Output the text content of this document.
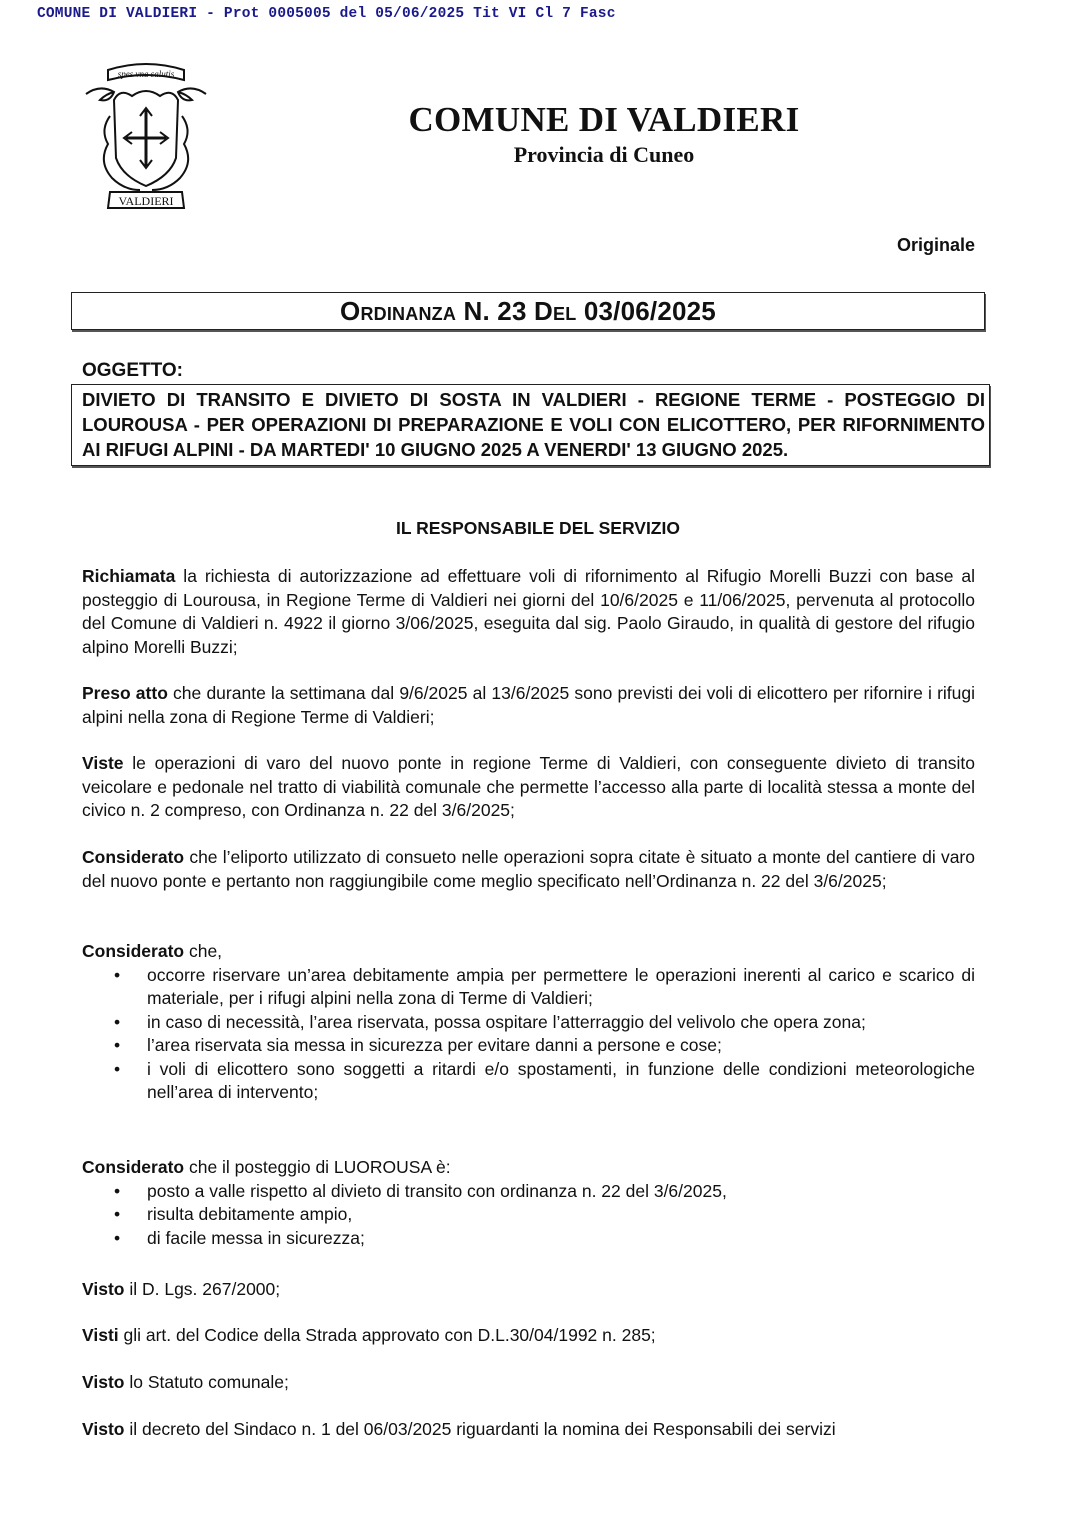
COMUNE DI VALDIERI - Prot 0005005 del 05/06/2025 Tit VI Cl 7 Fasc
spes vna salutis
VALDIERI
COMUNE DI VALDIERI
Provincia di Cuneo
Originale
Ordinanza N. 23 Del 03/06/2025
OGGETTO:
DIVIETO DI TRANSITO E DIVIETO DI SOSTA IN VALDIERI - REGIONE TERME - POSTEGGIO DI LOUROUSA - PER OPERAZIONI DI PREPARAZIONE E VOLI CON ELICOTTERO, PER RIFORNIMENTO AI RIFUGI ALPINI - DA MARTEDI' 10 GIUGNO 2025 A VENERDI' 13 GIUGNO 2025.
IL RESPONSABILE DEL SERVIZIO

Richiamata la richiesta di autorizzazione ad effettuare voli di rifornimento al Rifugio Morelli Buzzi con base al posteggio di Lourousa, in Regione Terme di Valdieri nei giorni del 10/6/2025 e 11/06/2025, pervenuta al protocollo del Comune di Valdieri n. 4922 il giorno 3/06/2025, eseguita dal sig. Paolo Giraudo, in qualità di gestore del rifugio alpino Morelli Buzzi;

Preso atto che durante la settimana dal 9/6/2025 al 13/6/2025 sono previsti dei voli di elicottero per rifornire i rifugi alpini nella zona di Regione Terme di Valdieri;

Viste le operazioni di varo del nuovo ponte in regione Terme di Valdieri, con conseguente divieto di transito veicolare e pedonale nel tratto di viabilità comunale che permette l’accesso alla parte di località stessa a monte del civico n. 2 compreso, con Ordinanza n. 22 del 3/6/2025;

Considerato che l’eliporto utilizzato di consueto nelle operazioni sopra citate è situato a monte del cantiere di varo del nuovo ponte e pertanto non raggiungibile come meglio specificato nell’Ordinanza n. 22 del 3/6/2025;

Considerato che,

• occorre riservare un’area debitamente ampia per permettere le operazioni inerenti al carico e scarico di materiale, per i rifugi alpini nella zona di Terme di Valdieri;
• in caso di necessità, l’area riservata, possa ospitare l’atterraggio del velivolo che opera zona;
• l’area riservata sia messa in sicurezza per evitare danni a persone e cose;
• i voli di elicottero sono soggetti a ritardi e/o spostamenti, in funzione delle condizioni meteorologiche nell’area di intervento;

Considerato che il posteggio di LUOROUSA è:

• posto a valle rispetto al divieto di transito con ordinanza n. 22 del 3/6/2025,
• risulta debitamente ampio,
• di facile messa in sicurezza;

Visto il D. Lgs. 267/2000;

Visti gli art. del Codice della Strada approvato con D.L.30/04/1992 n. 285;

Visto lo Statuto comunale;

Visto il decreto del Sindaco n. 1 del 06/03/2025 riguardanti la nomina dei Responsabili dei servizi
